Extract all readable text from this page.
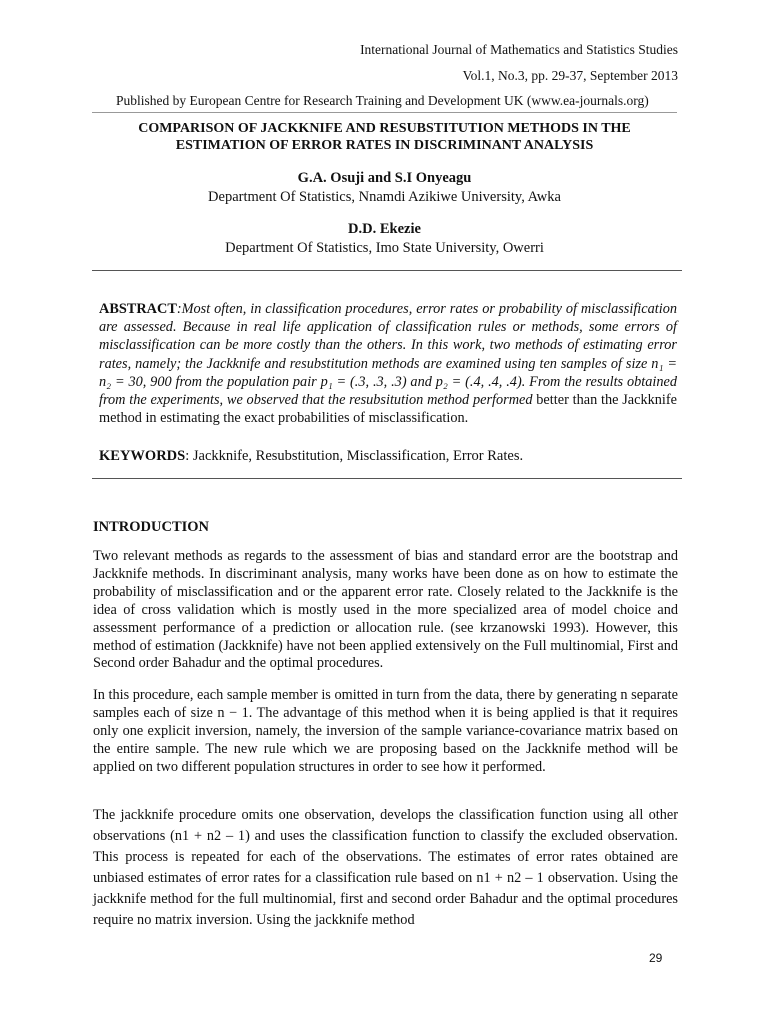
International Journal of Mathematics and Statistics Studies
Vol.1, No.3, pp. 29-37, September 2013
Published by European Centre for Research Training and Development UK (www.ea-journals.org)
COMPARISON OF JACKKNIFE AND RESUBSTITUTION METHODS IN THE
ESTIMATION OF ERROR RATES IN DISCRIMINANT ANALYSIS
G.A. Osuji and S.I Onyeagu
Department Of Statistics, Nnamdi Azikiwe University, Awka
D.D. Ekezie
Department Of Statistics, Imo State University, Owerri
ABSTRACT:Most often, in classification procedures, error rates or probability of misclassification are assessed. Because in real life application of classification rules or methods, some errors of misclassification can be more costly than the others. In this work, two methods of estimating error rates, namely; the Jackknife and resubstitution methods are examined using ten samples of size n₁ = n₂ = 30, 900 from the population pair p₁ = (.3, .3, .3) and p₂ = (.4, .4, .4). From the results obtained from the experiments, we observed that the resubsitution method performed better than the Jackknife method in estimating the exact probabilities of misclassification.
KEYWORDS: Jackknife, Resubstitution, Misclassification, Error Rates.
INTRODUCTION
Two relevant methods as regards to the assessment of bias and standard error are the bootstrap and Jackknife methods. In discriminant analysis, many works have been done as on how to estimate the probability of misclassification and or the apparent error rate. Closely related to the Jackknife is the idea of cross validation which is mostly used in the more specialized area of model choice and assessment performance of a prediction or allocation rule. (see krzanowski 1993). However, this method of estimation (Jackknife) have not been applied extensively on the Full multinomial, First and Second order Bahadur and the optimal procedures.
In this procedure, each sample member is omitted in turn from the data, there by generating n separate samples each of size n − 1. The advantage of this method when it is being applied is that it requires only one explicit inversion, namely, the inversion of the sample variance-covariance matrix based on the entire sample. The new rule which we are proposing based on the Jackknife method will be applied on two different population structures in order to see how it performed.
The jackknife procedure omits one observation, develops the classification function using all other observations (n1 + n2 – 1) and uses the classification function to classify the excluded observation. This process is repeated for each of the observations. The estimates of error rates obtained are unbiased estimates of error rates for a classification rule based on n1 + n2 – 1 observation. Using the jackknife method for the full multinomial, first and second order Bahadur and the optimal procedures require no matrix inversion. Using the jackknife method
29
